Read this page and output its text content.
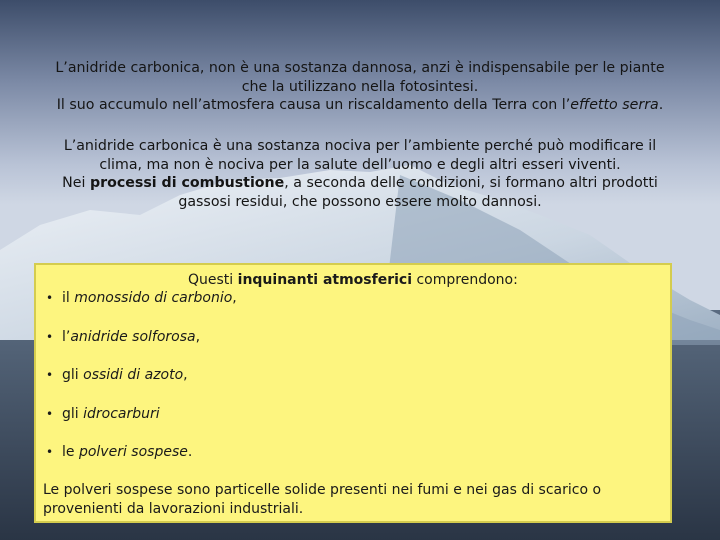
L’anidride carbonica, non è una sostanza dannosa, anzi è indispensabile per le piante
che la utilizzano nella fotosintesi.
Il suo accumulo nell’atmosfera causa un riscaldamento della Terra con l’effetto serra.
L’anidride carbonica è una sostanza nociva per l’ambiente perché può modificare il
clima, ma non è nociva per la salute dell’uomo e degli altri esseri viventi.
Nei processi di combustione, a seconda delle condizioni, si formano altri prodotti
gassosi residui, che possono essere molto dannosi.
Questi inquinanti atmosferici comprendono:
• il monossido di carbonio,
• l’anidride solforosa,
• gli ossidi di azoto,
• gli idrocarburi
• le polveri sospese.
Le polveri sospese sono particelle solide presenti nei fumi e nei gas di scarico o
provenienti da lavorazioni industriali.
